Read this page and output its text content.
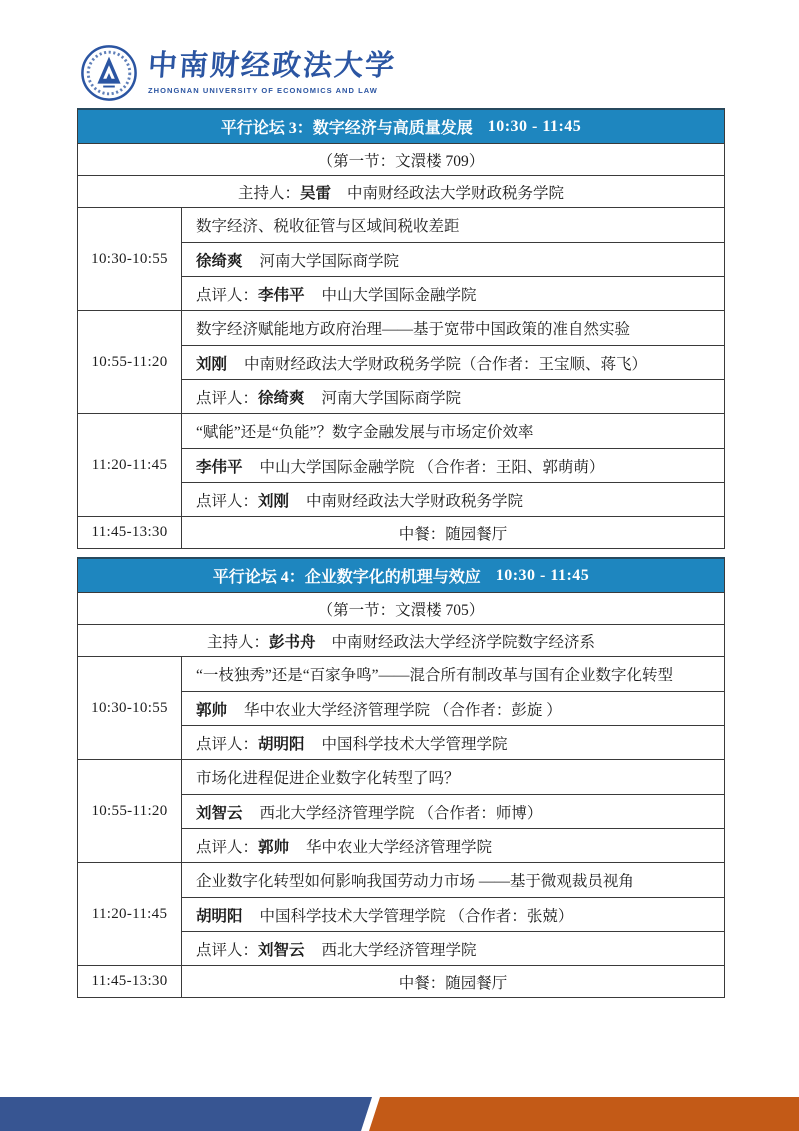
中南财经政法大学
ZHONGNAN UNIVERSITY OF ECONOMICS AND LAW
平行论坛 3：数字经济与高质量发展 10:30 - 11:45
（第一节：文澴楼 709）
主持人： 吴雷 中南财经政法大学财政税务学院
10:30-10:55
数字经济、税收征管与区域间税收差距
徐绮爽 河南大学国际商学院
点评人： 李伟平 中山大学国际金融学院
10:55-11:20
数字经济赋能地方政府治理——基于宽带中国政策的准自然实验
刘刚 中南财经政法大学财政税务学院（合作者：王宝顺、蒋飞）
点评人： 徐绮爽 河南大学国际商学院
11:20-11:45
“赋能”还是“负能”？数字金融发展与市场定价效率
李伟平 中山大学国际金融学院 （合作者：王阳、郭萌萌）
点评人： 刘刚 中南财经政法大学财政税务学院
11:45-13:30	中餐：随园餐厅
平行论坛 4：企业数字化的机理与效应 10:30 - 11:45
（第一节：文澴楼 705）
主持人： 彭书舟 中南财经政法大学经济学院数字经济系
10:30-10:55
“一枝独秀”还是“百家争鸣”——混合所有制改革与国有企业数字化转型
郭帅 华中农业大学经济管理学院 （合作者：彭旋 ）
点评人： 胡明阳 中国科学技术大学管理学院
10:55-11:20
市场化进程促进企业数字化转型了吗？
刘智云 西北大学经济管理学院 （合作者：师博）
点评人： 郭帅 华中农业大学经济管理学院
11:20-11:45
企业数字化转型如何影响我国劳动力市场 ——基于微观裁员视角
胡明阳 中国科学技术大学管理学院 （合作者：张兢）
点评人： 刘智云 西北大学经济管理学院
11:45-13:30	中餐：随园餐厅
